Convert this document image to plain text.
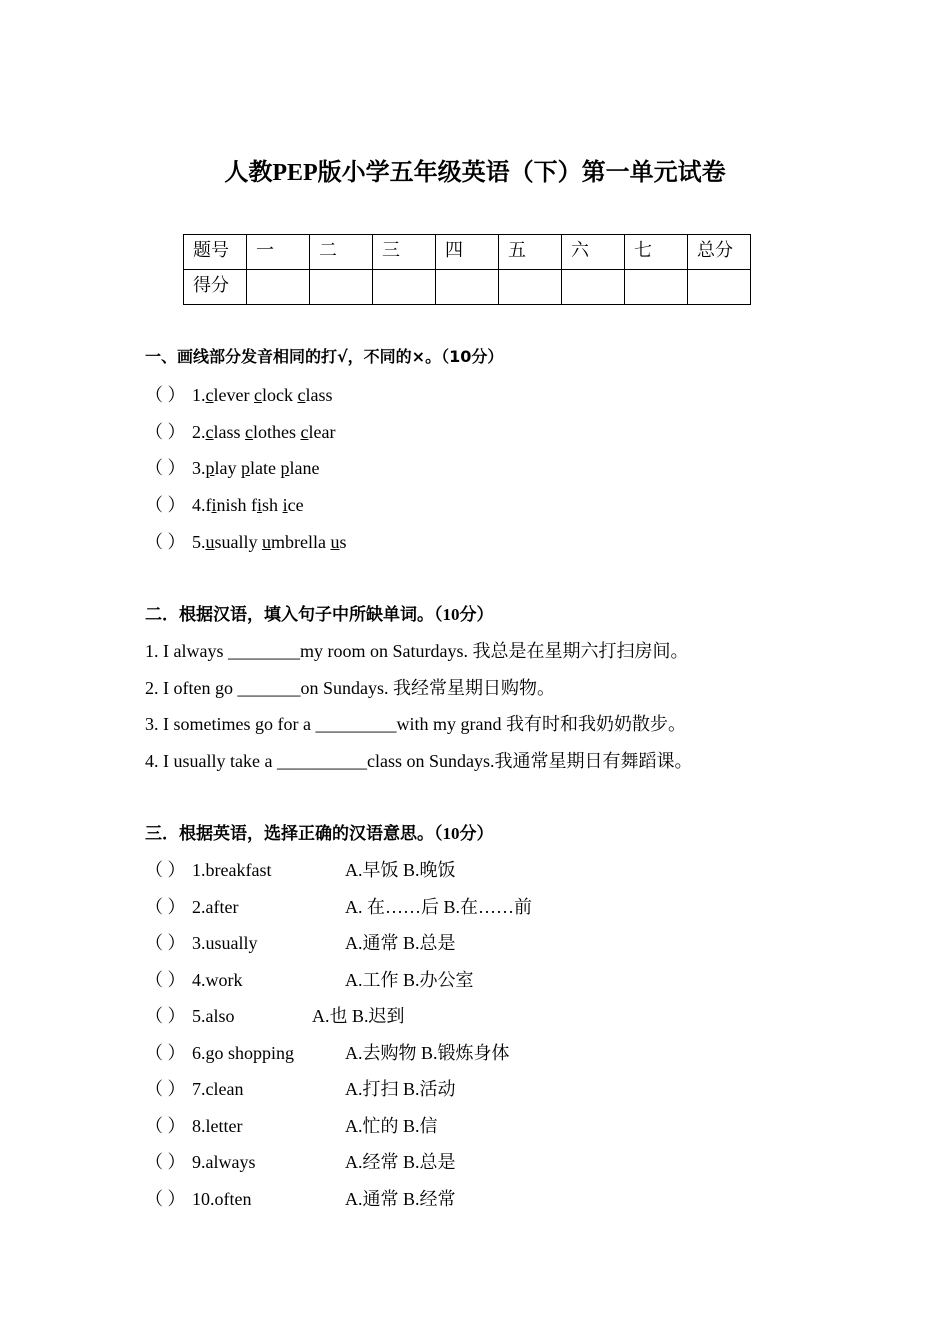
人教PEP版小学五年级英语（下）第一单元试卷
题号	一	二	三	四	五	六	七	总分
得分								
一、画线部分发音相同的打√，不同的×。（10分）
（ ） 1.clever clock class
（ ） 2.class clothes clear
（ ） 3.play plate plane
（ ） 4.finish fish ice
（ ） 5.usually umbrella us
二．根据汉语，填入句子中所缺单词。（10分）
1. I always ________my room on Saturdays. 我总是在星期六打扫房间。
2. I often go _______on Sundays. 我经常星期日购物。
3. I sometimes go for a _________with my grand 我有时和我奶奶散步。
4. I usually take a __________class on Sundays.我通常星期日有舞蹈课。
三．根据英语，选择正确的汉语意思。（10分）
（ ） 1.breakfast	A.早饭 B.晚饭
（ ） 2.after	A. 在……后 B.在……前
（ ） 3.usually	A.通常 B.总是
（ ） 4.work	A.工作 B.办公室
（ ） 5.also	A.也 B.迟到
（ ） 6.go shopping	A.去购物 B.锻炼身体
（ ） 7.clean	A.打扫 B.活动
（ ） 8.letter	A.忙的 B.信
（ ） 9.always	A.经常 B.总是
（ ） 10.often	A.通常 B.经常
